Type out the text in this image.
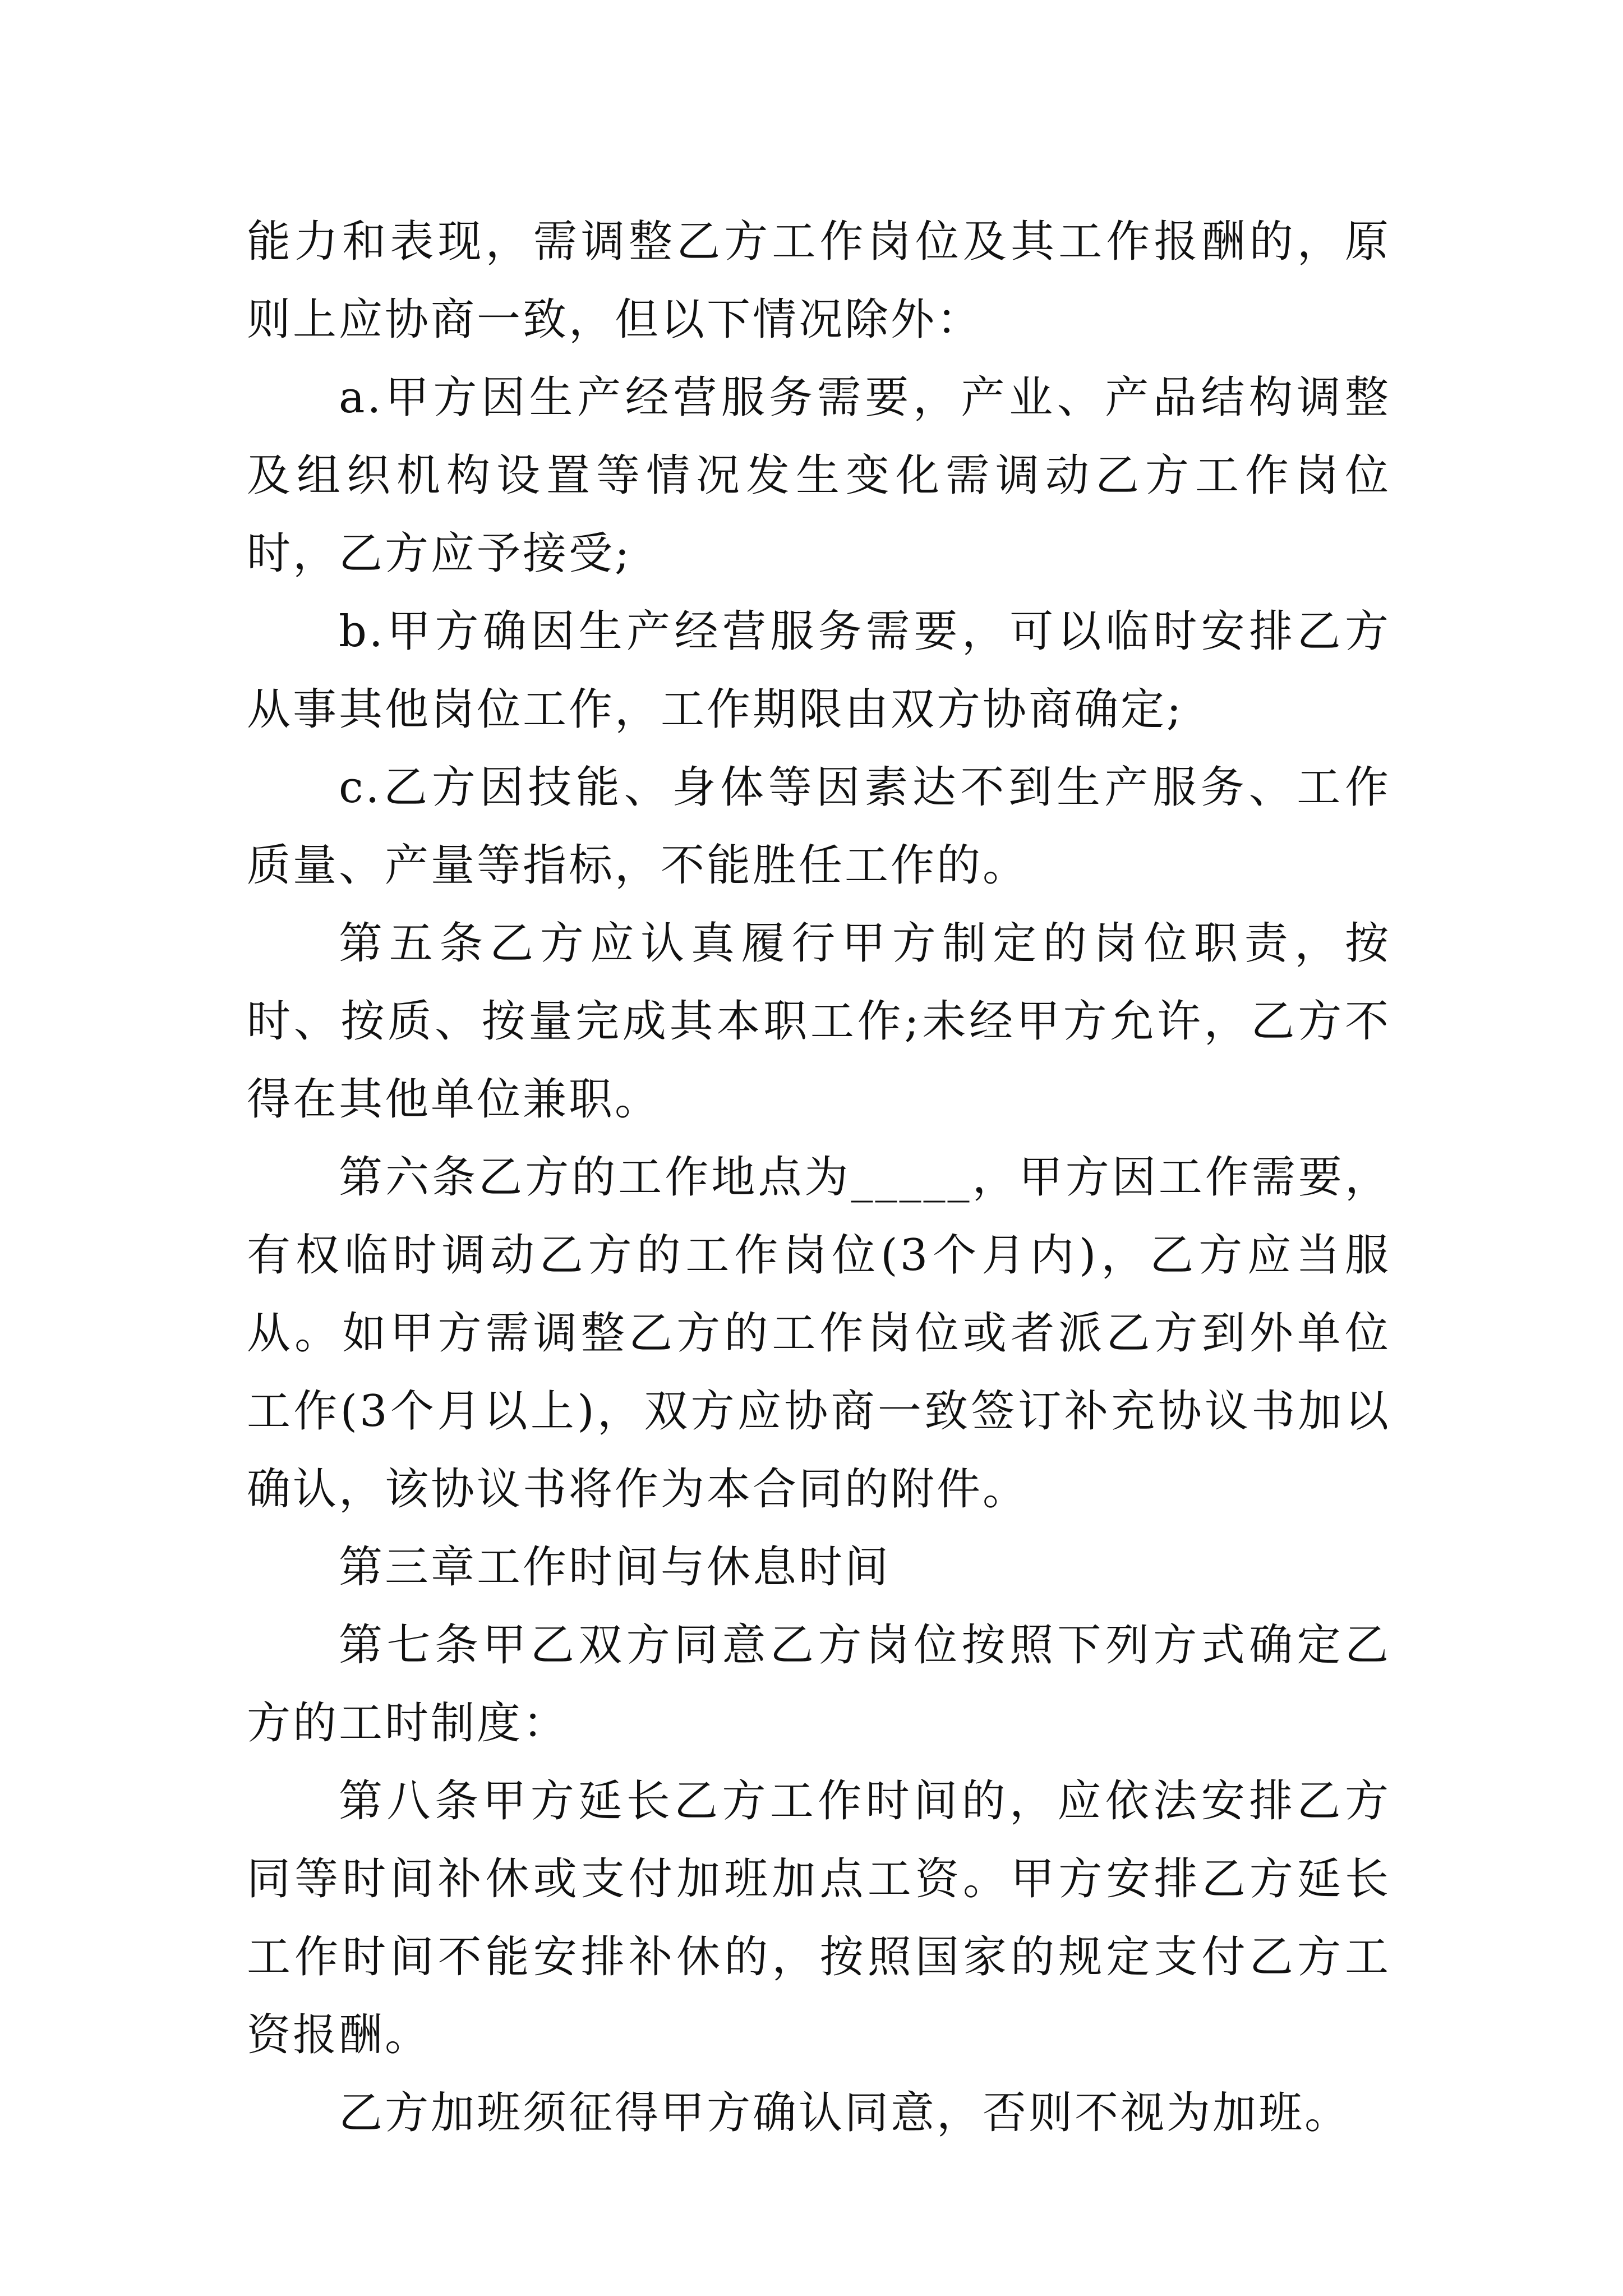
能力和表现，需调整乙方工作岗位及其工作报酬的，原则上应协商一致，但以下情况除外：

a.甲方因生产经营服务需要，产业、产品结构调整及组织机构设置等情况发生变化需调动乙方工作岗位时，乙方应予接受;

b.甲方确因生产经营服务需要，可以临时安排乙方从事其他岗位工作，工作期限由双方协商确定;

c.乙方因技能、身体等因素达不到生产服务、工作质量、产量等指标，不能胜任工作的。

第五条乙方应认真履行甲方制定的岗位职责，按时、按质、按量完成其本职工作;未经甲方允许，乙方不得在其他单位兼职。

第六条乙方的工作地点为_____，甲方因工作需要，有权临时调动乙方的工作岗位(3个月内)，乙方应当服从。如甲方需调整乙方的工作岗位或者派乙方到外单位工作(3个月以上)，双方应协商一致签订补充协议书加以确认，该协议书将作为本合同的附件。

第三章工作时间与休息时间

第七条甲乙双方同意乙方岗位按照下列方式确定乙方的工时制度：

第八条甲方延长乙方工作时间的，应依法安排乙方同等时间补休或支付加班加点工资。甲方安排乙方延长工作时间不能安排补休的，按照国家的规定支付乙方工资报酬。

乙方加班须征得甲方确认同意，否则不视为加班。
